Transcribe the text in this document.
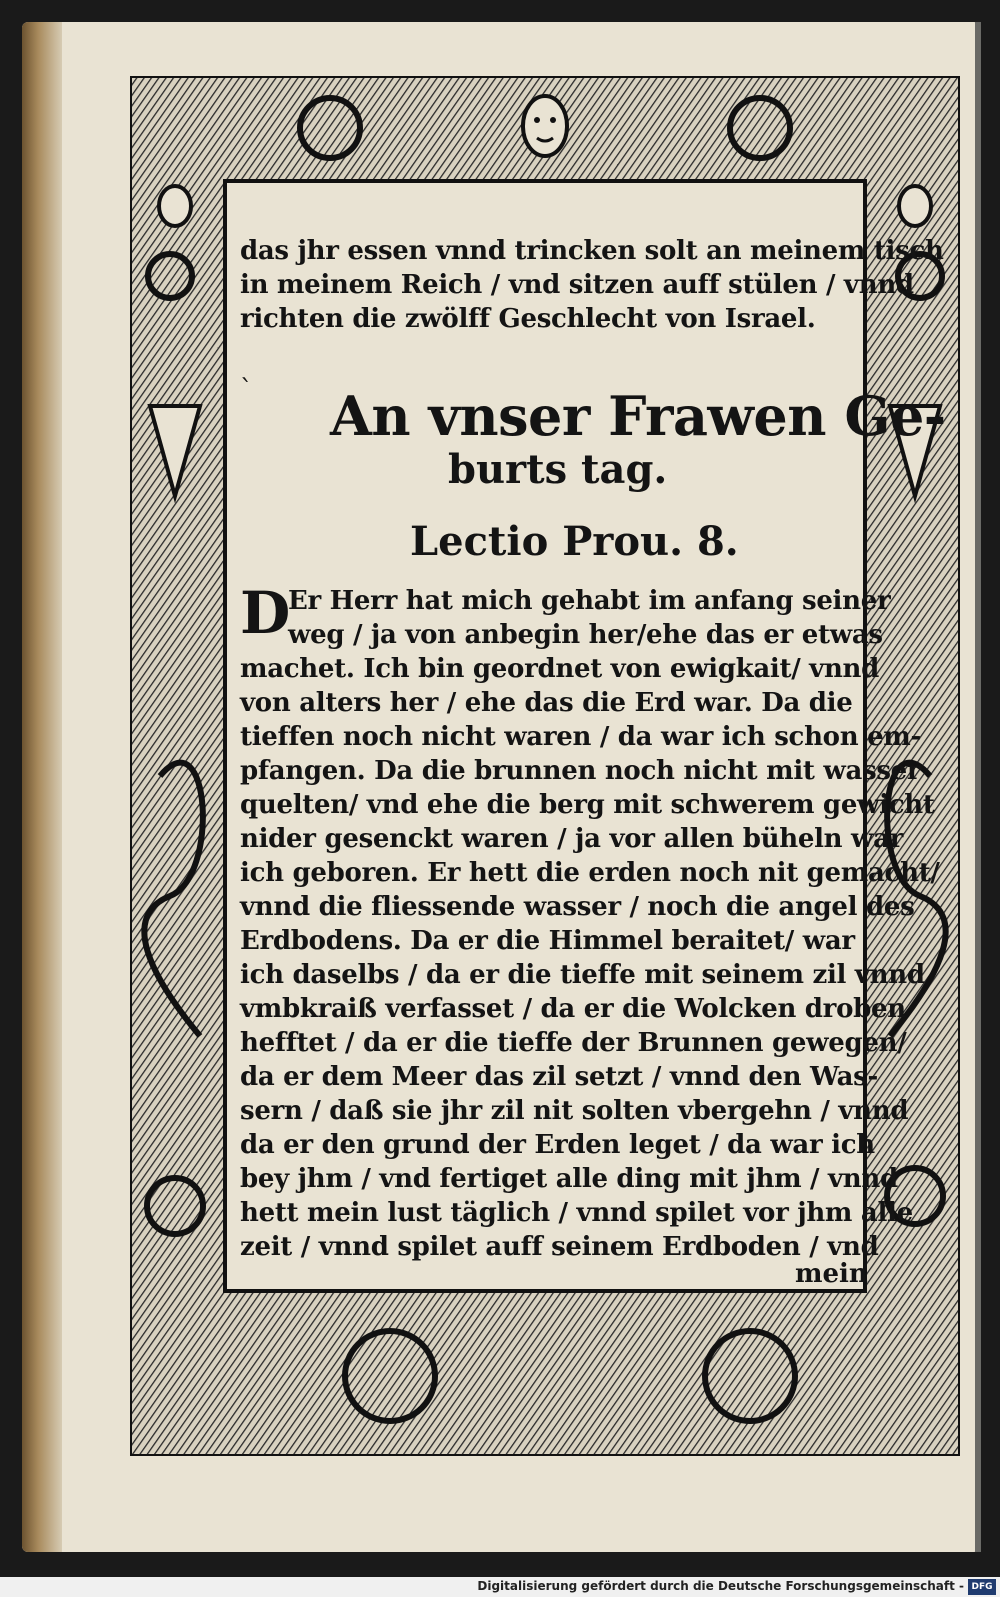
`
das jhr essen vnnd trincken solt an meinem tisch
in meinem Reich / vnd sitzen auff stülen / vnnd
richten die zwölff Geschlecht von Israel.
An vnser Frawen Ge-
burts tag.
Lectio Prou. 8.
D
Er Herr hat mich gehabt im anfang seiner
weg / ja von anbegin her/ehe das er etwas
machet. Ich bin geordnet von ewigkait/ vnnd
von alters her / ehe das die Erd war. Da die
tieffen noch nicht waren / da war ich schon em-
pfangen. Da die brunnen noch nicht mit wasser
quelten/ vnd ehe die berg mit schwerem gewicht
nider gesenckt waren / ja vor allen büheln war
ich geboren. Er hett die erden noch nit gemacht/
vnnd die fliessende wasser / noch die angel des
Erdbodens. Da er die Himmel beraitet/ war
ich daselbs / da er die tieffe mit seinem zil vnnd
vmbkraiß verfasset / da er die Wolcken droben
hefftet / da er die tieffe der Brunnen gewegen/
da er dem Meer das zil setzt / vnnd den Was-
sern / daß sie jhr zil nit solten vbergehn / vnnd
da er den grund der Erden leget / da war ich
bey jhm / vnd fertiget alle ding mit jhm / vnnd
hett mein lust täglich / vnnd spilet vor jhm alle
zeit / vnnd spilet auff seinem Erdboden / vnd
mein
Digitalisierung gefördert durch die Deutsche Forschungsgemeinschaft - DFG
